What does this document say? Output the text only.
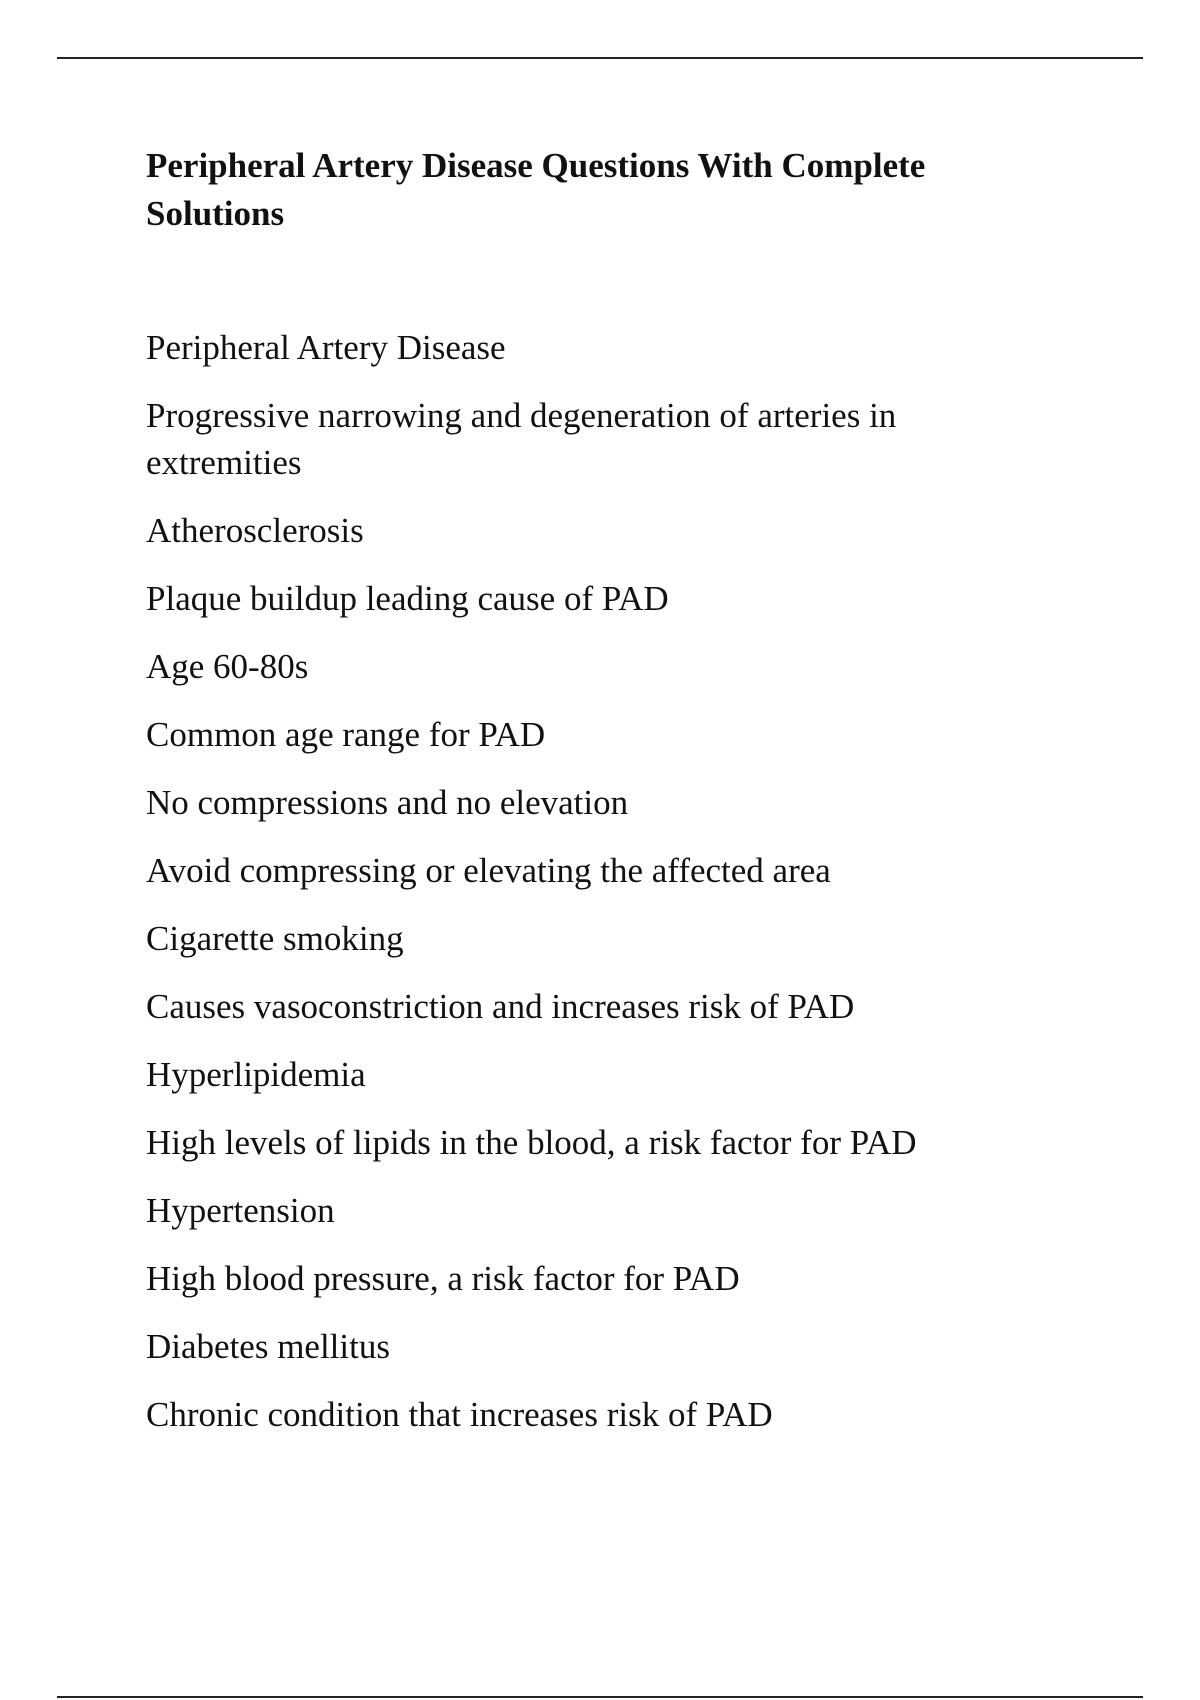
Peripheral Artery Disease Questions With Complete Solutions

Peripheral Artery Disease

Progressive narrowing and degeneration of arteries in extremities

Atherosclerosis

Plaque buildup leading cause of PAD

Age 60-80s

Common age range for PAD

No compressions and no elevation

Avoid compressing or elevating the affected area

Cigarette smoking

Causes vasoconstriction and increases risk of PAD

Hyperlipidemia

High levels of lipids in the blood, a risk factor for PAD

Hypertension

High blood pressure, a risk factor for PAD

Diabetes mellitus

Chronic condition that increases risk of PAD
